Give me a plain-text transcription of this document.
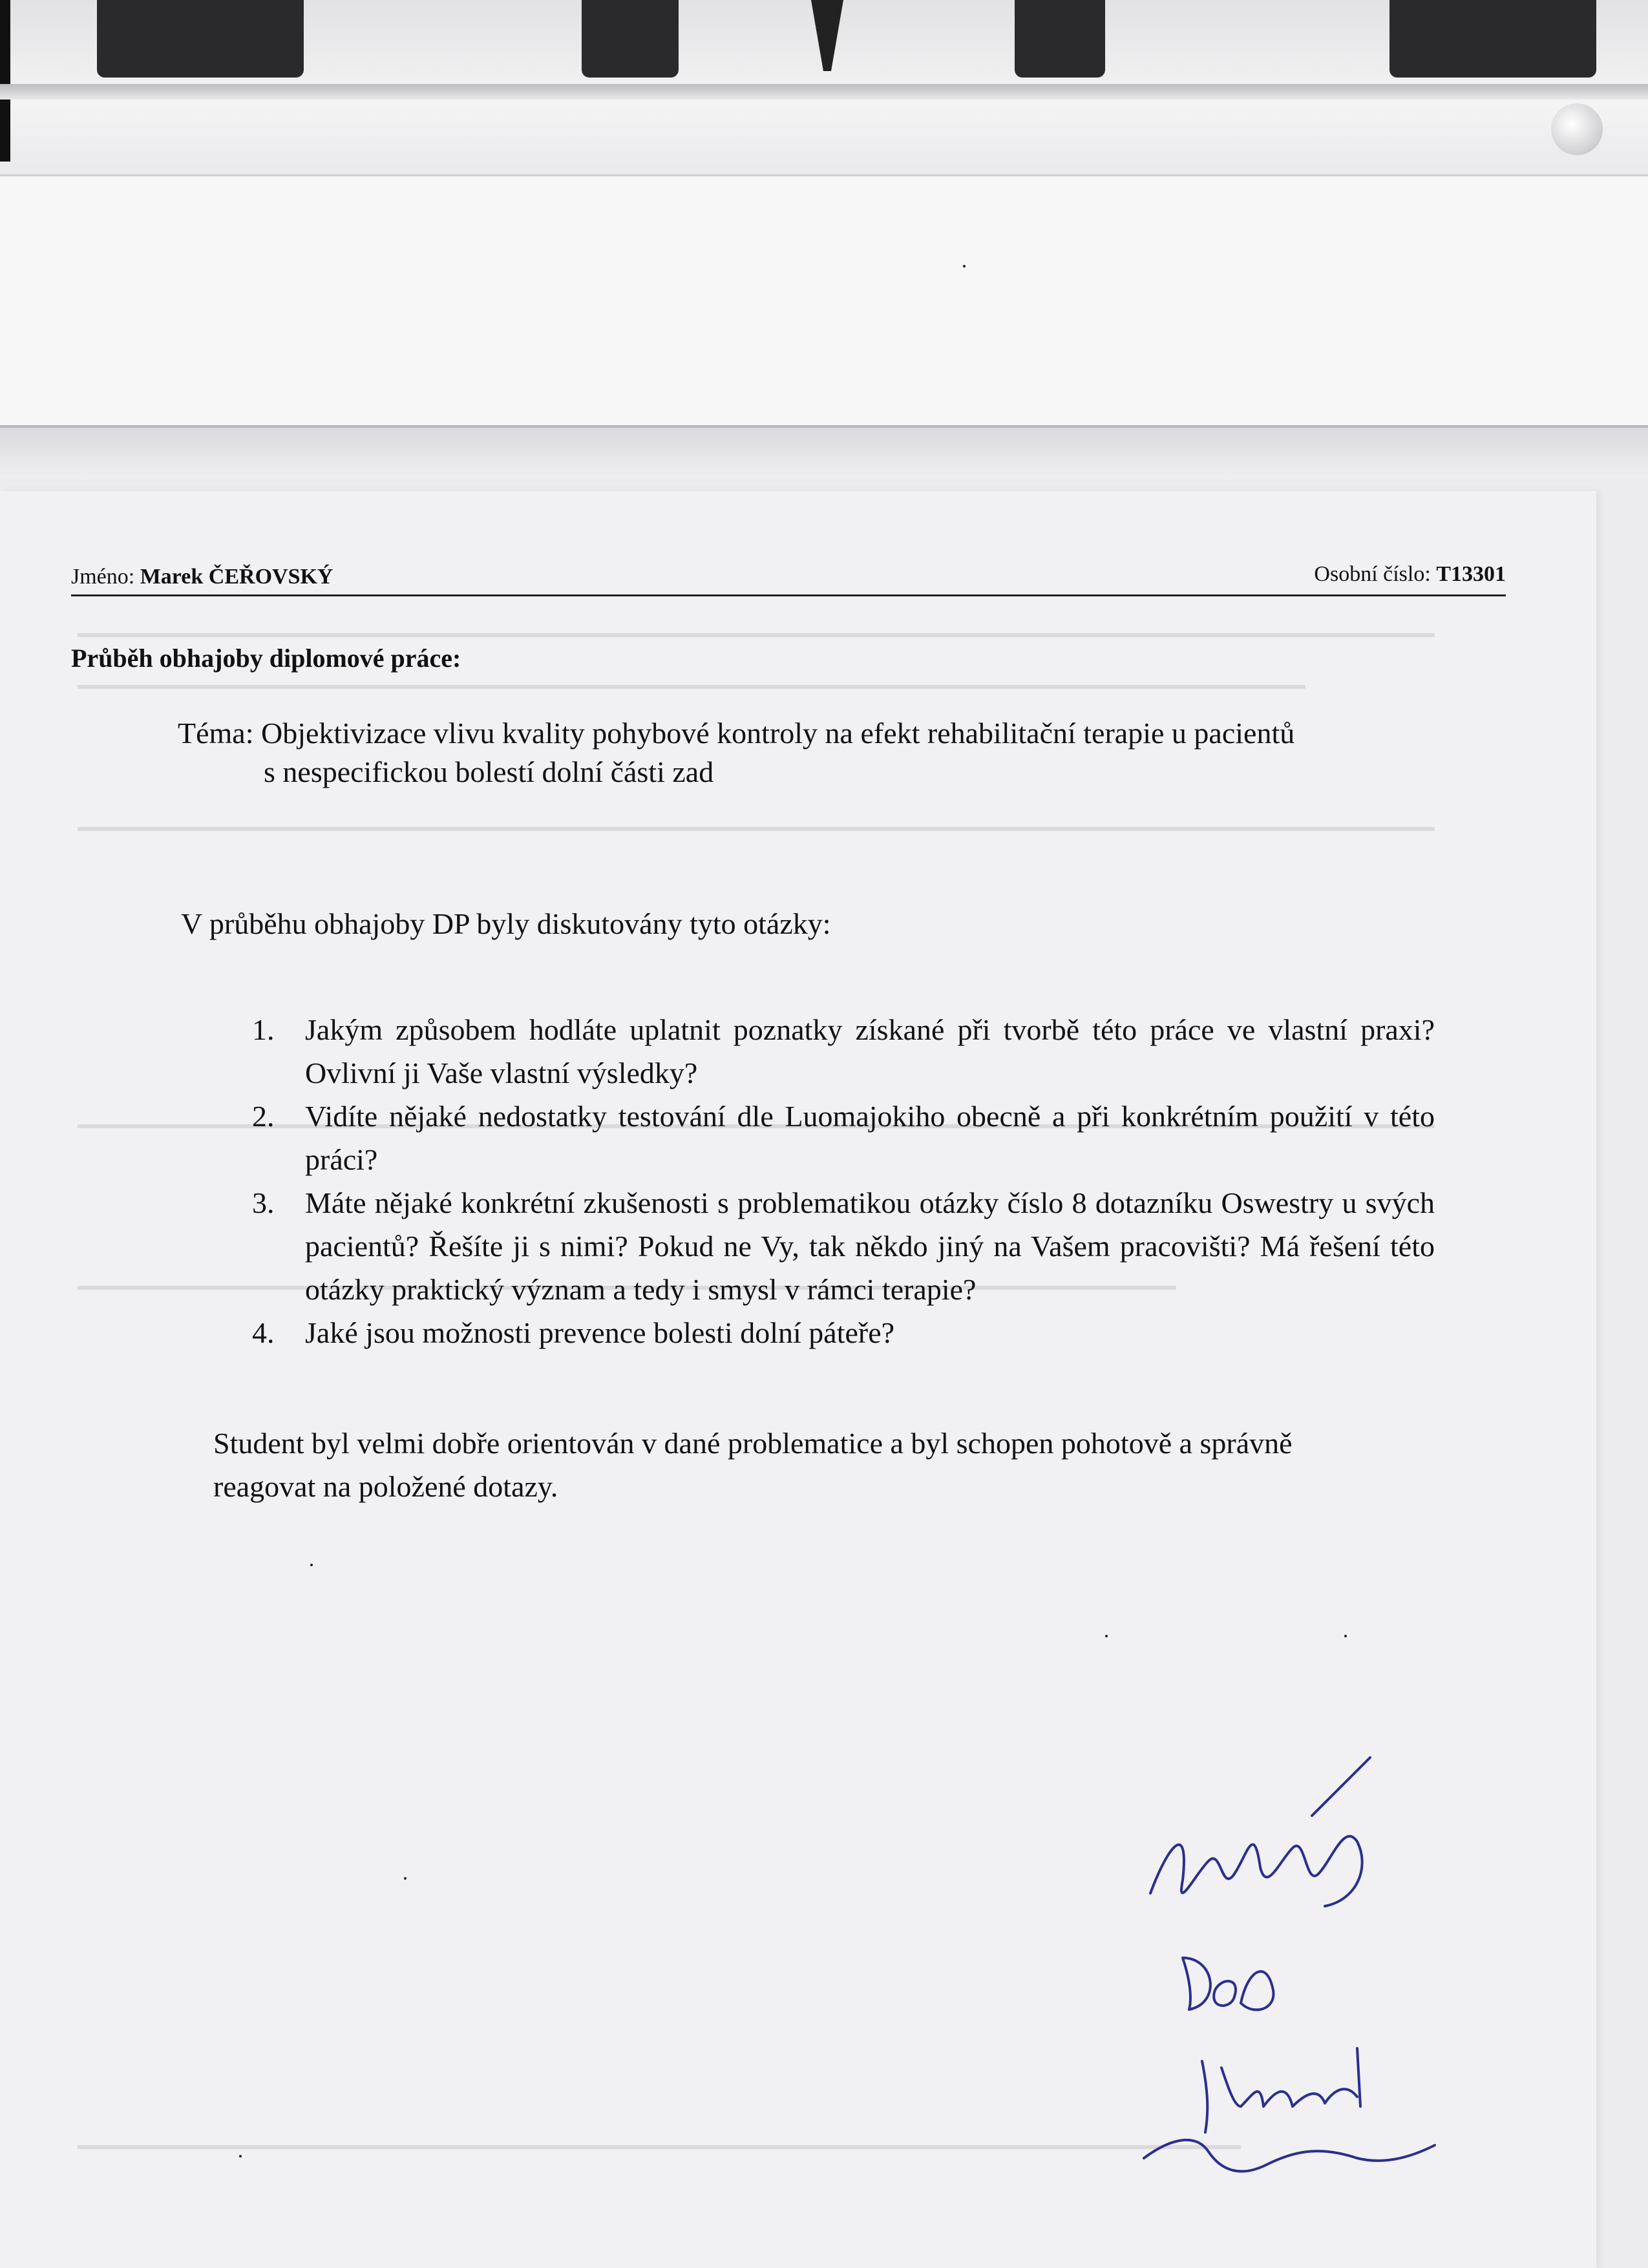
Jméno: Marek ČEŘOVSKÝ	Osobní číslo: T13301
Průběh obhajoby diplomové práce:
Téma: Objektivizace vlivu kvality pohybové kontroly na efekt rehabilitační terapie u pacientů
s nespecifickou bolestí dolní části zad
V průběhu obhajoby DP byly diskutovány tyto otázky:
1. Jakým způsobem hodláte uplatnit poznatky získané při tvorbě této práce ve vlastní praxi? Ovlivní ji Vaše vlastní výsledky?
2. Vidíte nějaké nedostatky testování dle Luomajokiho obecně a při konkrétním použití v této práci?
3. Máte nějaké konkrétní zkušenosti s problematikou otázky číslo 8 dotazníku Oswestry u svých pacientů? Řešíte ji s nimi? Pokud ne Vy, tak někdo jiný na Vašem pracovišti? Má řešení této otázky praktický význam a tedy i smysl v rámci terapie?
4. Jaké jsou možnosti prevence bolesti dolní páteře?
Student byl velmi dobře orientován v dané problematice a byl schopen pohotově a správně reagovat na položené dotazy.
